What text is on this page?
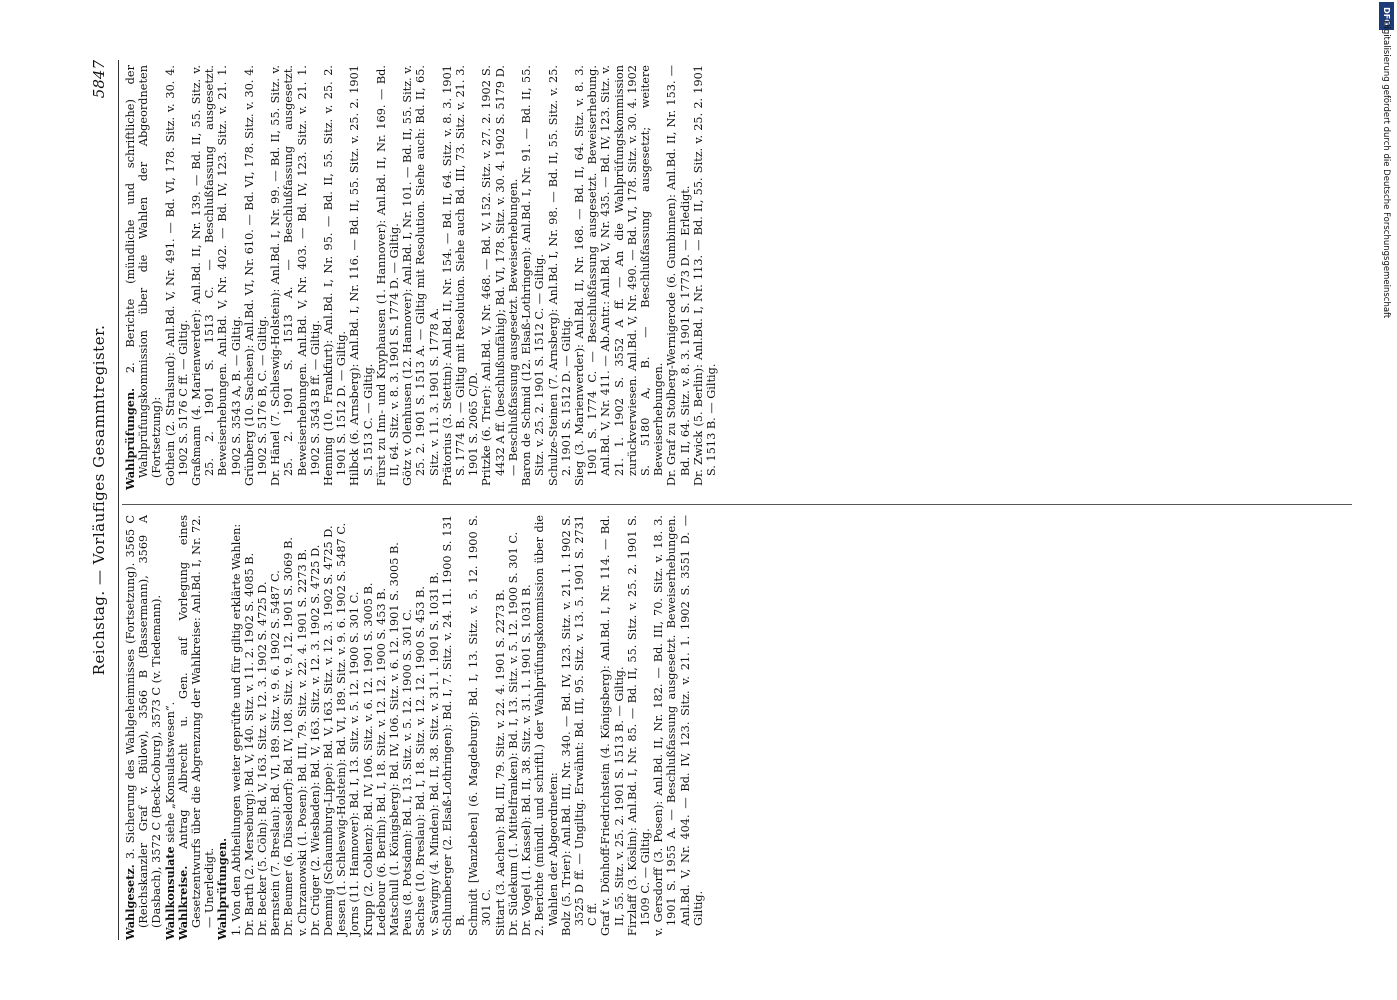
Reichstag. — Vorläufiges Gesammtregister.
5847

Wahlgesetz. 3. Sicherung des Wahlgeheimnisses (Fortsetzung). 3565 C (Reichskanzler Graf v. Bülow), 3566 B (Bassermann), 3569 A (Dasbach), 3572 C (Beck-Coburg), 3573 C (v. Tiedemann). Wahlkonsulate siehe „Konsulatswesen“.

Wahlkreise. Antrag Albrecht u. Gen. auf Vorlegung eines Gesetzentwurfs über die Abgrenzung der Wahlkreise: Anl.Bd. I, Nr. 72. — Unerledigt. Wahlprüfungen. 1. Von den Abtheilungen weiter geprüfte und für giltig erklärte Wahlen: Dr. Barth (2. Merseburg): Bd. V, 140. Sitz. v. 11. 2. 1902 S. 4085 B. Dr. Becker (5. Cöln): Bd. V, 163. Sitz. v. 12. 3. 1902 S. 4725 D. Bernstein (7. Breslau): Bd. VI, 189. Sitz. v. 9. 6. 1902 S. 5487 C. Dr. Beumer (6. Düsseldorf): Bd. IV, 108. Sitz. v. 9. 12. 1901 S. 3069 B. v. Chrzanowski (1. Posen): Bd. III, 79. Sitz. v. 22. 4. 1901 S. 2273 B. Dr. Crüger (2. Wiesbaden): Bd. V, 163. Sitz. v. 12. 3. 1902 S. 4725 D. Demmig (Schaumburg-Lippe): Bd. V, 163. Sitz. v. 12. 3. 1902 S. 4725 D. Jessen (1. Schleswig-Holstein): Bd. VI, 189. Sitz. v. 9. 6. 1902 S. 5487 C. Jorns (11. Hannover): Bd. I, 13. Sitz. v. 5. 12. 1900 S. 301 C. Krupp (2. Coblenz): Bd. IV, 106. Sitz. v. 6. 12. 1901 S. 3005 B. Ledebour (6. Berlin): Bd. I, 18. Sitz. v. 12. 12. 1900 S. 453 B. Matschull (1. Königsberg): Bd. IV, 106. Sitz. v. 6. 12. 1901 S. 3005 B. Peus (8. Potsdam): Bd. I, 13. Sitz. v. 5. 12. 1900 S. 301 C. Sachse (10. Breslau): Bd. I, 18. Sitz. v. 12. 12. 1900 S. 453 B. v. Savigny (4. Minden): Bd. II, 38. Sitz. v. 31. 1. 1901 S. 1031 B. Schlumberger (2. Elsaß-Lothringen): Bd. I, 7. Sitz. v. 24. 11. 1900 S. 131 B. Schmidt [Wanzleben] (6. Magdeburg): Bd. I, 13. Sitz. v. 5. 12. 1900 S. 301 C. Sittart (3. Aachen): Bd. III, 79. Sitz. v. 22. 4. 1901 S. 2273 B. Dr. Südekum (1. Mittelfranken): Bd. I, 13. Sitz. v. 5. 12. 1900 S. 301 C. Dr. Vogel (1. Kassel): Bd. II, 38. Sitz. v. 31. 1. 1901 S. 1031 B. 2. Berichte (mündl. und schriftl.) der Wahlprüfungskommission über die Wahlen der Abgeordneten: Bolz (5. Trier): Anl.Bd. III, Nr. 340. — Bd. IV, 123. Sitz. v. 21. 1. 1902 S. 3525 D ff. — Ungiltig. Erwähnt: Bd. III, 95. Sitz. v. 13. 5. 1901 S. 2731 C ff. Graf v. Dönhoff-Friedrichstein (4. Königsberg): Anl.Bd. I, Nr. 114. — Bd. II, 55. Sitz. v. 25. 2. 1901 S. 1513 B. — Giltig. Firzlaff (3. Köslin): Anl.Bd. I, Nr. 85. — Bd. II, 55. Sitz. v. 25. 2. 1901 S. 1509 C. — Giltig. v. Gersdorff (3. Posen): Anl.Bd. II, Nr. 182. — Bd. III, 70. Sitz. v. 18. 3. 1901 S. 1955 A. — Beschlußfassung ausgesetzt. Beweiserhebungen. Anl.Bd. V, Nr. 404. — Bd. IV, 123. Sitz. v. 21. 1. 1902 S. 3551 D. — Giltig.

Wahlprüfungen. 2. Berichte (mündliche und schriftliche) der Wahlprüfungskommission über die Wahlen der Abgeordneten (Fortsetzung): Gothein (2. Stralsund): Anl.Bd. V, Nr. 491. — Bd. VI, 178. Sitz. v. 30. 4. 1902 S. 5176 C ff. — Giltig. Graßmann (4. Marienwerder): Anl.Bd. II, Nr. 139. — Bd. II, 55. Sitz. v. 25. 2. 1901 S. 1513 C. — Beschlußfassung ausgesetzt. Beweiserhebungen. Anl.Bd. V, Nr. 402. — Bd. IV, 123. Sitz. v. 21. 1. 1902 S. 3543 A, B. — Giltig. Grünberg (10. Sachsen): Anl.Bd. VI, Nr. 610. — Bd. VI, 178. Sitz. v. 30. 4. 1902 S. 5176 B, C. — Giltig. Dr. Hänel (7. Schleswig-Holstein): Anl.Bd. I, Nr. 99. — Bd. II, 55. Sitz. v. 25. 2. 1901 S. 1513 A. — Beschlußfassung ausgesetzt. Beweiserhebungen. Anl.Bd. V, Nr. 403. — Bd. IV, 123. Sitz. v. 21. 1. 1902 S. 3543 B ff. — Giltig. Henning (10. Frankfurt): Anl.Bd. I, Nr. 95. — Bd. II, 55. Sitz. v. 25. 2. 1901 S. 1512 D. — Giltig. Hilbck (6. Arnsberg): Anl.Bd. I, Nr. 116. — Bd. II, 55. Sitz. v. 25. 2. 1901 S. 1513 C. — Giltig. Fürst zu Inn- und Knyphausen (1. Hannover): Anl.Bd. II, Nr. 169. — Bd. II, 64. Sitz. v. 8. 3. 1901 S. 1774 D. — Giltig. Götz v. Olenhusen (12. Hannover): Anl.Bd. I, Nr. 101. — Bd. II, 55. Sitz. v. 25. 2. 1901 S. 1513 A. — Giltig mit Resolution. Siehe auch: Bd. II, 65. Sitz. v. 11. 3. 1901 S. 1778 A. Prätorius (3. Stettin): Anl.Bd. II, Nr. 154. — Bd. II, 64. Sitz. v. 8. 3. 1901 S. 1774 B. — Giltig mit Resolution. Siehe auch Bd. III, 73. Sitz. v. 21. 3. 1901 S. 2065 C/D. Pritzke (6. Trier): Anl.Bd. V, Nr. 468. — Bd. V, 152. Sitz. v. 27. 2. 1902 S. 4432 A ff. (beschlußunfähig); Bd. VI, 178. Sitz. v. 30. 4. 1902 S. 5179 D. — Beschlußfassung ausgesetzt. Beweiserhebungen. Baron de Schmid (12. Elsaß-Lothringen): Anl.Bd. I, Nr. 91. — Bd. II, 55. Sitz. v. 25. 2. 1901 S. 1512 C. — Giltig. Schulze-Steinen (7. Arnsberg): Anl.Bd. I, Nr. 98. — Bd. II, 55. Sitz. v. 25. 2. 1901 S. 1512 D. — Giltig. Sieg (3. Marienwerder): Anl.Bd. II, Nr. 168. — Bd. II, 64. Sitz. v. 8. 3. 1901 S. 1774 C. — Beschlußfassung ausgesetzt. Beweiserhebung. Anl.Bd. V, Nr. 411. — Ab.Antr.: Anl.Bd. V, Nr. 435. — Bd. IV, 123. Sitz. v. 21. 1. 1902 S. 3552 A ff. — An die Wahlprüfungskommission zurückverwiesen. Anl.Bd. V, Nr. 490. — Bd. VI, 178. Sitz. v. 30. 4. 1902 S. 5180 A, B. — Beschlußfassung ausgesetzt; weitere Beweiserhebungen. Dr. Graf zu Stolberg-Wernigerode (6. Gumbinnen): Anl.Bd. II, Nr. 153. — Bd. II, 64. Sitz. v. 8. 3. 1901 S. 1773 D. — Erledigt. Dr. Zwick (5. Berlin): Anl.Bd. I, Nr. 113. — Bd. II, 55. Sitz. v. 25. 2. 1901 S. 1513 B. — Giltig.

DFG
Digitalisierung gefördert durch die Deutsche Forschungsgemeinschaft
